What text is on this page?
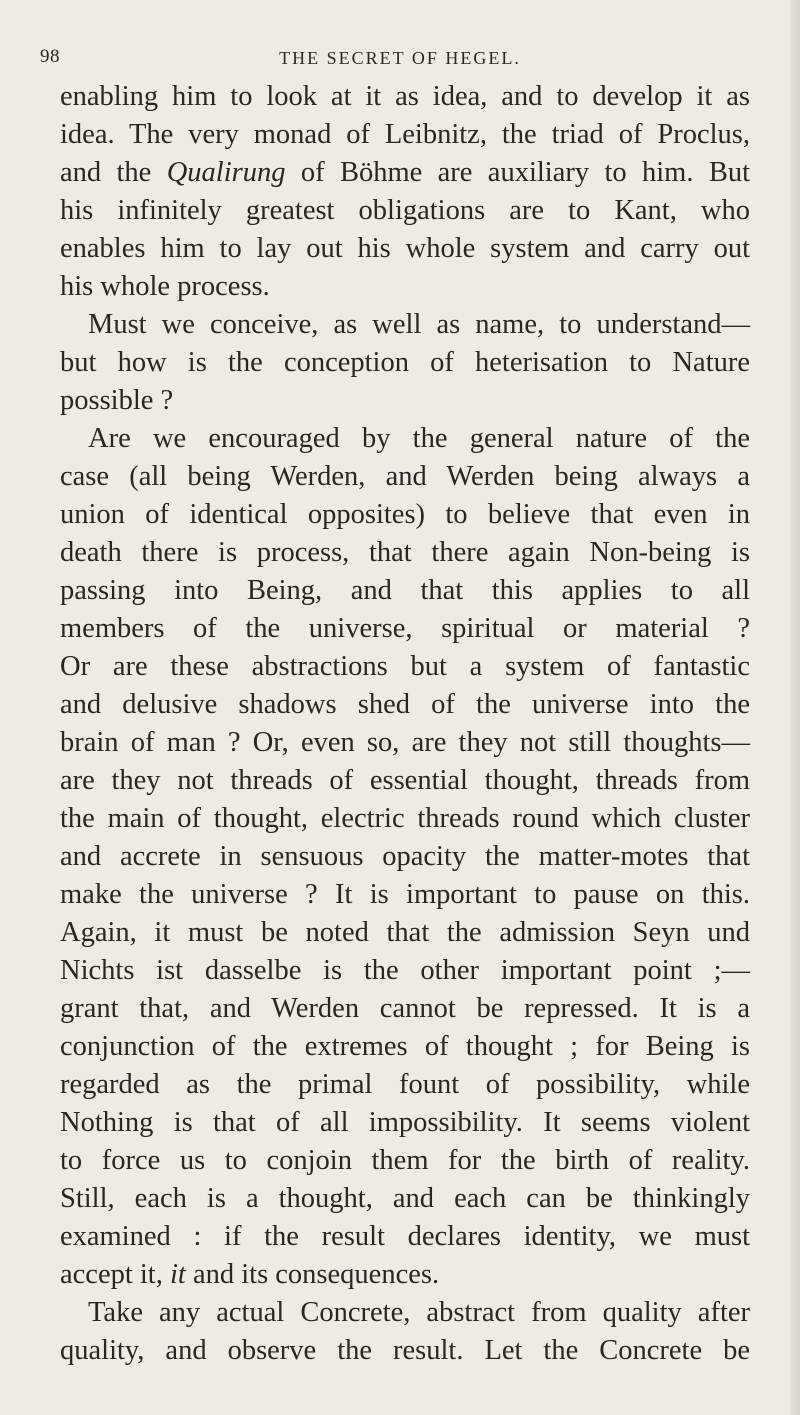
98	THE SECRET OF HEGEL.
enabling him to look at it as idea, and to develop it as
idea. The very monad of Leibnitz, the triad of Proclus,
and the Qualirung of Böhme are auxiliary to him. But
his infinitely greatest obligations are to Kant, who
enables him to lay out his whole system and carry out
his whole process.
Must we conceive, as well as name, to understand—
but how is the conception of heterisation to Nature
possible ?
Are we encouraged by the general nature of the
case (all being Werden, and Werden being always a
union of identical opposites) to believe that even in
death there is process, that there again Non-being is
passing into Being, and that this applies to all
members of the universe, spiritual or material ?
Or are these abstractions but a system of fantastic
and delusive shadows shed of the universe into the
brain of man ? Or, even so, are they not still thoughts—
are they not threads of essential thought, threads from
the main of thought, electric threads round which cluster
and accrete in sensuous opacity the matter-motes that
make the universe ? It is important to pause on this.
Again, it must be noted that the admission Seyn und
Nichts ist dasselbe is the other important point ;—
grant that, and Werden cannot be repressed. It is a
conjunction of the extremes of thought ; for Being is
regarded as the primal fount of possibility, while
Nothing is that of all impossibility. It seems violent
to force us to conjoin them for the birth of reality.
Still, each is a thought, and each can be thinkingly
examined : if the result declares identity, we must
accept it, it and its consequences.
Take any actual Concrete, abstract from quality after
quality, and observe the result. Let the Concrete be
